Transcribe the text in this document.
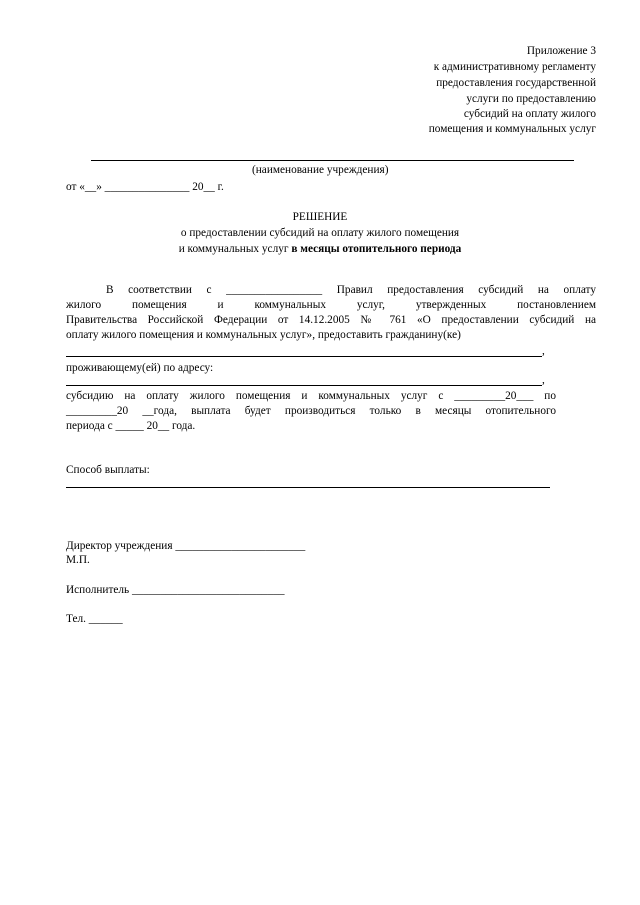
Приложение 3
к административному регламенту
предоставления государственной
услуги по предоставлению
субсидий на оплату жилого
помещения и коммунальных услуг
(наименование учреждения)
от «__» _______________ 20__ г.
РЕШЕНИЕ
о предоставлении субсидий на оплату жилого помещения
и коммунальных услуг в месяцы отопительного периода
В соответствии с _________________ Правил предоставления субсидий на оплату
жилого помещения и коммунальных услуг, утвержденных постановлением
Правительства Российской Федерации от 14.12.2005 № 761 «О предоставлении субсидий на
оплату жилого помещения и коммунальных услуг», предоставить гражданину(ке)
,
проживающему(ей) по адресу:
,
субсидию на оплату жилого помещения и коммунальных услуг с _________20___ по
_________20 __года, выплата будет производиться только в месяцы отопительного
периода с _____ 20__ года.
Способ выплаты:
Директор учреждения _______________________
М.П.
Исполнитель ___________________________
Тел. ______
